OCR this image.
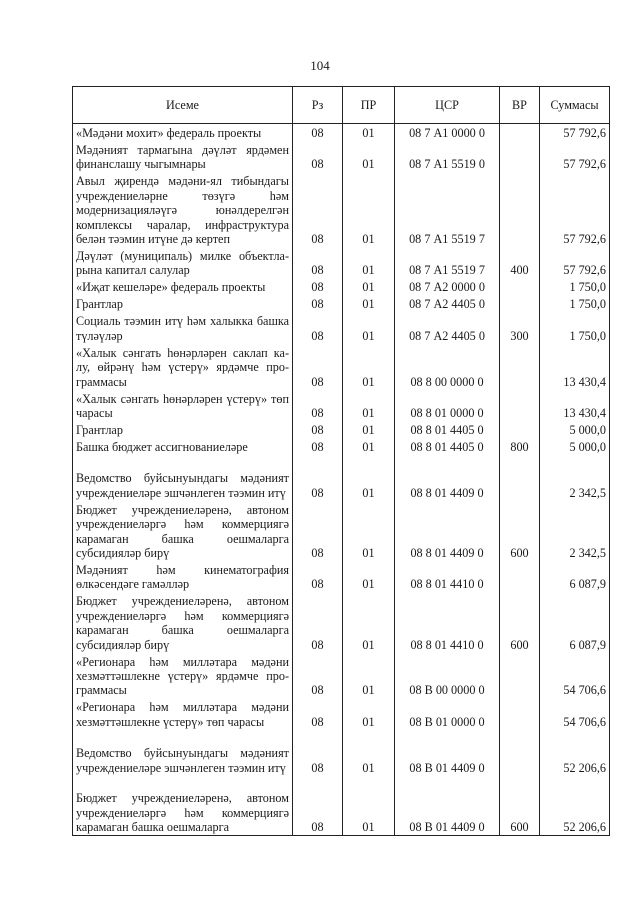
104
Исеме	Рз	ПР	ЦСР	ВР	Суммасы
«Мәдәни мохит» федераль проекты	08	01	08 7 А1 0000 0		57 792,6
Мәдәният тармагына дәүләт ярдәмен финанслашу чыгымнары	08	01	08 7 А1 5519 0		57 792,6
Авыл җирендә мәдәни-ял тибындагы учреждениеләрне төзүгә һәм модернизацияләүгә юнәлдерелгән комплексы чаралар, инфраструктура белән тәэмин итүне дә кертеп	08	01	08 7 А1 5519 7		57 792,6
Дәүләт (муниципаль) милке объектла-рына капитал салулар	08	01	08 7 А1 5519 7	400	57 792,6
«Иҗат кешеләре» федераль проекты	08	01	08 7 А2 0000 0		1 750,0
Грантлар	08	01	08 7 А2 4405 0		1 750,0
Социаль тәэмин итү һәм халыкка башка түләүләр	08	01	08 7 А2 4405 0	300	1 750,0
«Халык сәнгать һөнәрләрен саклап ка-лу, өйрәнү һәм үстерү» ярдәмче про-граммасы	08	01	08 8 00 0000 0		13 430,4
«Халык сәнгать һөнәрләрен үстерү» төп чарасы	08	01	08 8 01 0000 0		13 430,4
Грантлар	08	01	08 8 01 4405 0		5 000,0
Башка бюджет ассигнованиеләре	08	01	08 8 01 4405 0	800	5 000,0
Ведомство буйсынуындагы мәдәният учреждениеләре эшчәнлеген тәэмин итү	08	01	08 8 01 4409 0		2 342,5
Бюджет учреждениеләренә, автоном учреждениеләргә һәм коммерциягә карамаган башка оешмаларга субсидияләр бирү	08	01	08 8 01 4409 0	600	2 342,5
Мәдәният һәм кинематография өлкәсендәге гамәлләр	08	01	08 8 01 4410 0		6 087,9
Бюджет учреждениеләренә, автоном учреждениеләргә һәм коммерциягә карамаган башка оешмаларга субсидияләр бирү	08	01	08 8 01 4410 0	600	6 087,9
«Регионара һәм милләтара мәдәни хезмәттәшлекне үстерү» ярдәмче про-граммасы	08	01	08 В 00 0000 0		54 706,6
«Регионара һәм милләтара мәдәни хезмәттәшлекне үстерү» төп чарасы	08	01	08 В 01 0000 0		54 706,6
Ведомство буйсынуындагы мәдәният учреждениеләре эшчәнлеген тәэмин итү	08	01	08 В 01 4409 0		52 206,6
Бюджет учреждениеләренә, автоном учреждениеләргә һәм коммерциягә карамаган башка оешмаларга	08	01	08 В 01 4409 0	600	52 206,6
